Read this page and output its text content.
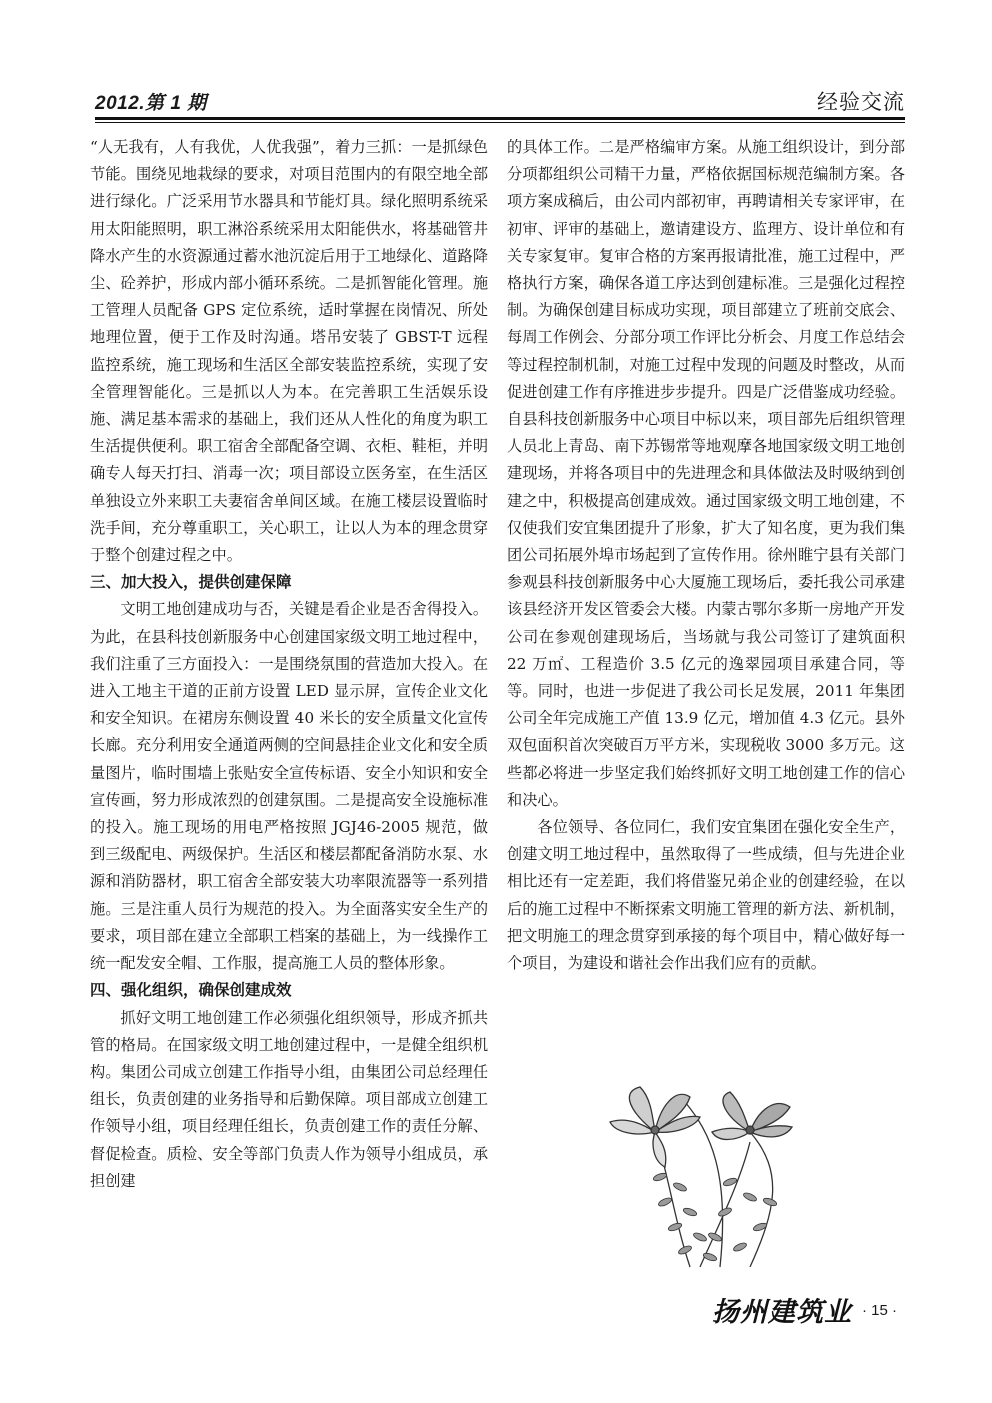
2012.第 1 期	经验交流

“人无我有，人有我优，人优我强”，着力三抓：一是抓绿色节能。围绕见地栽绿的要求，对项目范围内的有限空地全部进行绿化。广泛采用节水器具和节能灯具。绿化照明系统采用太阳能照明，职工淋浴系统采用太阳能供水，将基础管井降水产生的水资源通过蓄水池沉淀后用于工地绿化、道路降尘、砼养护，形成内部小循环系统。二是抓智能化管理。施工管理人员配备 GPS 定位系统，适时掌握在岗情况、所处地理位置，便于工作及时沟通。塔吊安装了 GBST-T 远程监控系统，施工现场和生活区全部安装监控系统，实现了安全管理智能化。三是抓以人为本。在完善职工生活娱乐设施、满足基本需求的基础上，我们还从人性化的角度为职工生活提供便利。职工宿舍全部配备空调、衣柜、鞋柜，并明确专人每天打扫、消毒一次；项目部设立医务室，在生活区单独设立外来职工夫妻宿舍单间区域。在施工楼层设置临时洗手间，充分尊重职工，关心职工，让以人为本的理念贯穿于整个创建过程之中。

三、加大投入，提供创建保障

文明工地创建成功与否，关键是看企业是否舍得投入。为此，在县科技创新服务中心创建国家级文明工地过程中，我们注重了三方面投入：一是围绕氛围的营造加大投入。在进入工地主干道的正前方设置 LED 显示屏，宣传企业文化和安全知识。在裙房东侧设置 40 米长的安全质量文化宣传长廊。充分利用安全通道两侧的空间悬挂企业文化和安全质量图片，临时围墙上张贴安全宣传标语、安全小知识和安全宣传画，努力形成浓烈的创建氛围。二是提高安全设施标准的投入。施工现场的用电严格按照 JGJ46-2005 规范，做到三级配电、两级保护。生活区和楼层都配备消防水泵、水源和消防器材，职工宿舍全部安装大功率限流器等一系列措施。三是注重人员行为规范的投入。为全面落实安全生产的要求，项目部在建立全部职工档案的基础上，为一线操作工统一配发安全帽、工作服，提高施工人员的整体形象。

四、强化组织，确保创建成效

抓好文明工地创建工作必须强化组织领导，形成齐抓共管的格局。在国家级文明工地创建过程中，一是健全组织机构。集团公司成立创建工作指导小组，由集团公司总经理任组长，负责创建的业务指导和后勤保障。项目部成立创建工作领导小组，项目经理任组长，负责创建工作的责任分解、督促检查。质检、安全等部门负责人作为领导小组成员，承担创建

的具体工作。二是严格编审方案。从施工组织设计，到分部分项都组织公司精干力量，严格依据国标规范编制方案。各项方案成稿后，由公司内部初审，再聘请相关专家评审，在初审、评审的基础上，邀请建设方、监理方、设计单位和有关专家复审。复审合格的方案再报请批准，施工过程中，严格执行方案，确保各道工序达到创建标准。三是强化过程控制。为确保创建目标成功实现，项目部建立了班前交底会、每周工作例会、分部分项工作评比分析会、月度工作总结会等过程控制机制，对施工过程中发现的问题及时整改，从而促进创建工作有序推进步步提升。四是广泛借鉴成功经验。自县科技创新服务中心项目中标以来，项目部先后组织管理人员北上青岛、南下苏锡常等地观摩各地国家级文明工地创建现场，并将各项目中的先进理念和具体做法及时吸纳到创建之中，积极提高创建成效。通过国家级文明工地创建，不仅使我们安宜集团提升了形象，扩大了知名度，更为我们集团公司拓展外埠市场起到了宣传作用。徐州睢宁县有关部门参观县科技创新服务中心大厦施工现场后，委托我公司承建该县经济开发区管委会大楼。内蒙古鄂尔多斯一房地产开发公司在参观创建现场后，当场就与我公司签订了建筑面积 22 万㎡、工程造价 3.5 亿元的逸翠园项目承建合同，等等。同时，也进一步促进了我公司长足发展，2011 年集团公司全年完成施工产值 13.9 亿元，增加值 4.3 亿元。县外双包面积首次突破百万平方米，实现税收 3000 多万元。这些都必将进一步坚定我们始终抓好文明工地创建工作的信心和决心。

各位领导、各位同仁，我们安宜集团在强化安全生产，创建文明工地过程中，虽然取得了一些成绩，但与先进企业相比还有一定差距，我们将借鉴兄弟企业的创建经验，在以后的施工过程中不断探索文明施工管理的新方法、新机制，把文明施工的理念贯穿到承接的每个项目中，精心做好每一个项目，为建设和谐社会作出我们应有的贡献。

扬州建筑业 · 15 ·
